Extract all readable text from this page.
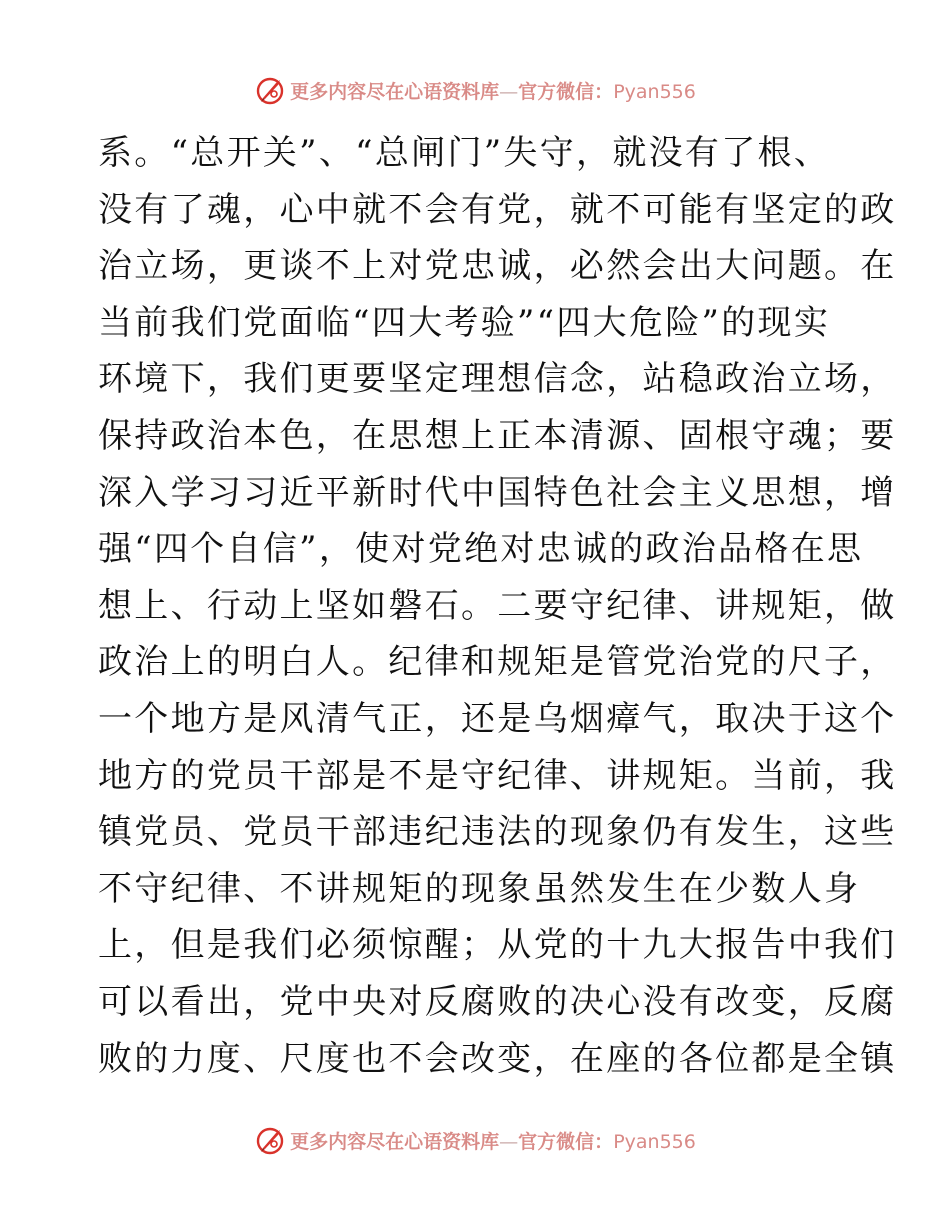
更多内容尽在心语资料库—官方微信：Pyan556
系。“总开关”、“总闸门”失守，就没有了根、
没有了魂，心中就不会有党，就不可能有坚定的政
治立场，更谈不上对党忠诚，必然会出大问题。在
当前我们党面临“四大考验”“四大危险”的现实
环境下，我们更要坚定理想信念，站稳政治立场，
保持政治本色，在思想上正本清源、固根守魂；要
深入学习习近平新时代中国特色社会主义思想，增
强“四个自信”，使对党绝对忠诚的政治品格在思
想上、行动上坚如磐石。二要守纪律、讲规矩，做
政治上的明白人。纪律和规矩是管党治党的尺子，
一个地方是风清气正，还是乌烟瘴气，取决于这个
地方的党员干部是不是守纪律、讲规矩。当前，我
镇党员、党员干部违纪违法的现象仍有发生，这些
不守纪律、不讲规矩的现象虽然发生在少数人身
上，但是我们必须惊醒；从党的十九大报告中我们
可以看出，党中央对反腐败的决心没有改变，反腐
败的力度、尺度也不会改变，在座的各位都是全镇
更多内容尽在心语资料库—官方微信：Pyan556
